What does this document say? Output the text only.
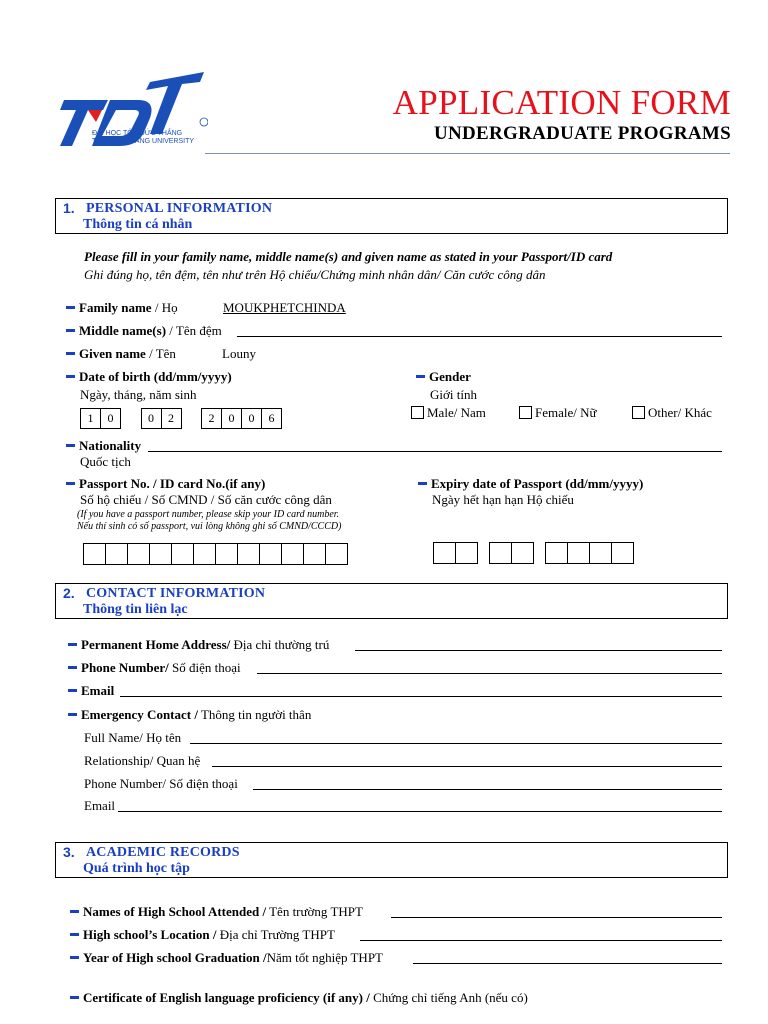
ĐẠI HỌC TÔN ĐỨC THẮNG
TON DUC THANG UNIVERSITY
APPLICATION FORM
UNDERGRADUATE PROGRAMS
1. PERSONAL INFORMATION
Thông tin cá nhân
Please fill in your family name, middle name(s) and given name as stated in your Passport/ID card
Ghi đúng họ, tên đệm, tên như trên Hộ chiếu/Chứng minh nhân dân/ Căn cước công dân
Family name / Họ	MOUKPHETCHINDA
Middle name(s) / Tên đệm
Given name / Tên	Louny
Date of birth (dd/mm/yyyy)
Ngày, tháng, năm sinh
1 0	0 2	2 0 0 6
Gender
Giới tính
Male/ Nam	Female/ Nữ	Other/ Khác
Nationality
Quốc tịch
Passport No. / ID card No.(if any)
Số hộ chiếu / Số CMND / Số căn cước công dân
(If you have a passport number, please skip your ID card number.
Nếu thí sinh có số passport, vui lòng không ghi số CMND/CCCD)
Expiry date of Passport (dd/mm/yyyy)
Ngày hết hạn hạn Hộ chiếu

2. CONTACT INFORMATION
Thông tin liên lạc
Permanent Home Address/ Địa chỉ thường trú
Phone Number/ Số điện thoại
Email
Emergency Contact / Thông tin người thân
Full Name/ Họ tên
Relationship/ Quan hệ
Phone Number/ Số điện thoại
Email
3. ACADEMIC RECORDS
Quá trình học tập
Names of High School Attended / Tên trường THPT
High school’s Location / Địa chỉ Trường THPT
Year of High school Graduation /Năm tốt nghiệp THPT
Certificate of English language proficiency (if any) / Chứng chỉ tiếng Anh (nếu có)
